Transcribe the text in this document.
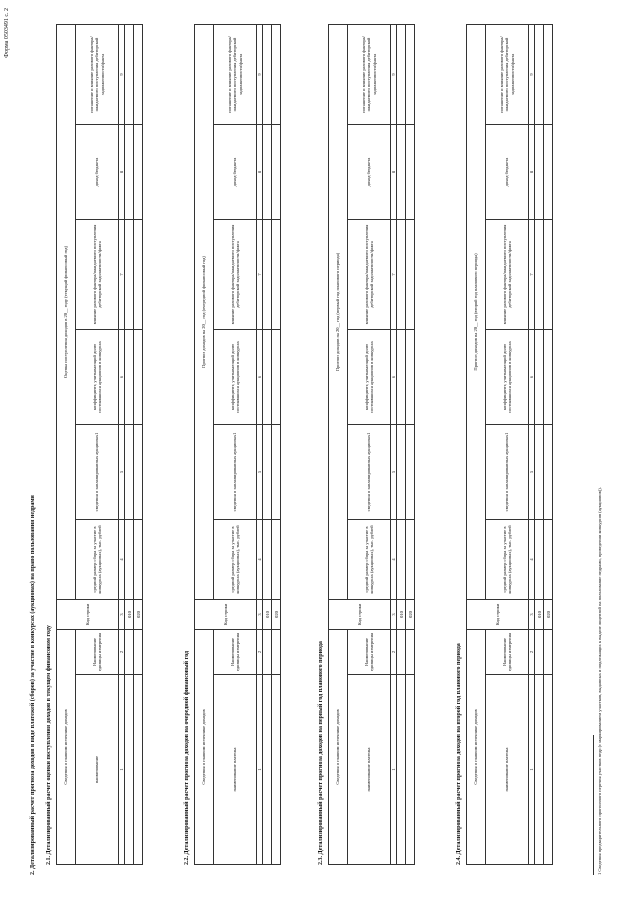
Форма 0503491 с. 2
2. Детализированный расчет прогноза доходов в виде платежей (сборов) за участие в конкурсах (аукционах) на право пользования недрами 2.1. Детализированный расчет оценки поступления доходов в текущем финансовом году	Сведения о главном источнике доходов		Код строки	Оценка поступления доходов в 20__ году (текущий финансовый год)					
наименование	Наименование единицы измерения		средний размер сбора за участие в конкурсах (аукционах), тыс. рублей	сведения о запланированных аукционах1	коэффициент, учитывающий долю состоявшихся аукционов в конкурсах	влияние разового фактора/ожидаемого поступления дебиторской задолженности/факта	доход бюджета	погашение и влияние разового фактора/ожидаемого поступления дебиторской задолженности/факта

1	2	3	4	5	6	7	8	9
		010						
		020						
2.2. Детализированный расчет прогноза доходов на очередной финансовый год	Сведения о главном источнике доходов		Код строки	Прогноз доходов на 20__ год (очередной финансовый год)					
наименование платежа	Наименование единицы измерения		средний размер сбора за участие в конкурсах (аукционах), тыс. рублей	сведения о запланированных аукционах1	коэффициент, учитывающий долю состоявшихся аукционов в конкурсах	влияние разового фактора/ожидаемого поступления дебиторской задолженности/факта	доход бюджета	погашение и влияние разового фактора/ожидаемого поступления дебиторской задолженности/факта

1	2	3	4	5	6	7	8	9
		010						
		020						
2.3. Детализированный расчет прогноза доходов на первый год планового периода	Сведения о главном источнике доходов		Код строки	Прогноз доходов на 20__ год (первый год планового периода)					
наименование платежа	Наименование единицы измерения		средний размер сбора за участие в конкурсах (аукционах), тыс. рублей	сведения о запланированных аукционах1	коэффициент, учитывающий долю состоявшихся аукционов в конкурсах	влияние разового фактора/ожидаемого поступления дебиторской задолженности/факта	доход бюджета	погашение и влияние разового фактора/ожидаемого поступления дебиторской задолженности/факта

1	2	3	4	5	6	7	8	9
		010						
		020						
2.4. Детализированный расчет прогноза доходов на второй год планового периода	Сведения о главном источнике доходов		Код строки	Прогноз доходов на 20__ год (второй год планового периода)					
наименование платежа	Наименование единицы измерения		средний размер сбора за участие в конкурсах (аукционах), тыс. рублей	сведения о запланированных аукционах1	коэффициент, учитывающий долю состоявшихся аукционов в конкурсах	влияние разового фактора/ожидаемого поступления дебиторской задолженности/факта	доход бюджета	погашение и влияние разового фактора/ожидаемого поступления дебиторской задолженности/факта

1	2	3	4	5	6	7	8	9
		010						
		020							1 Сведения предварительного прогнозного перечня участков недр (с маркированием участков, выданных и подлежащих к выдаче лицензий на пользование недрами, проведении конкурсов (аукционов)).
